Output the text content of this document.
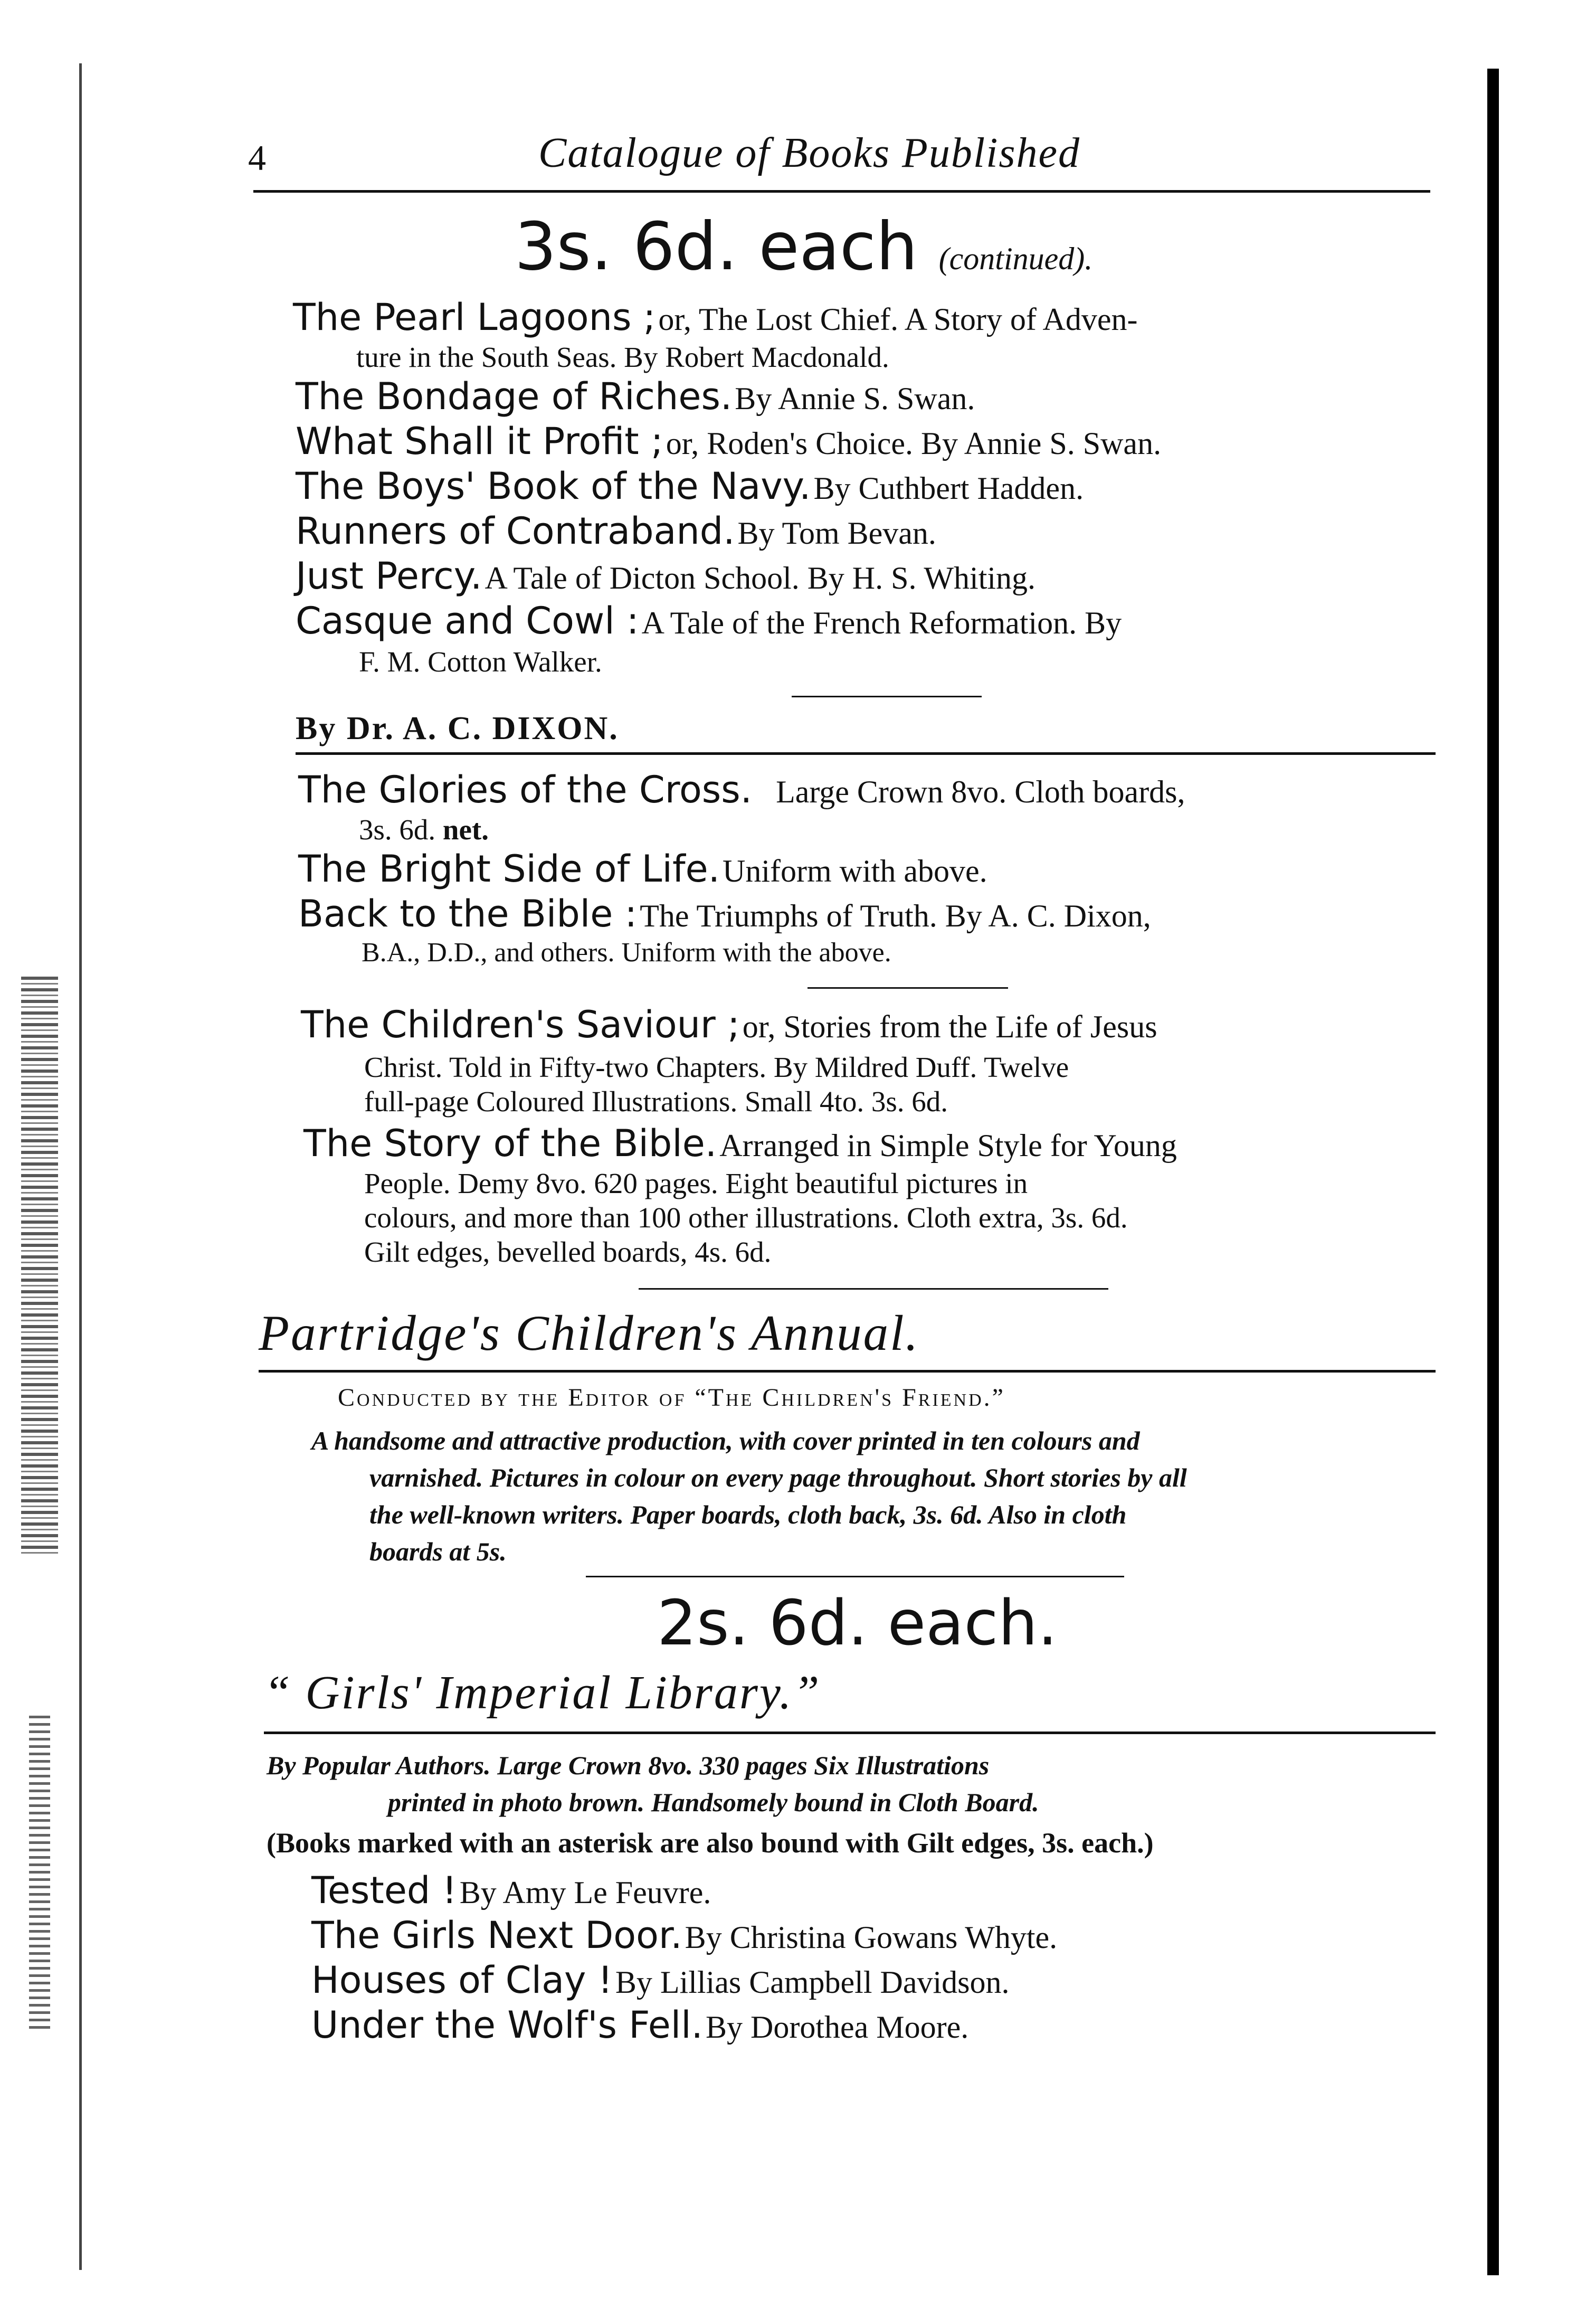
4	Catalogue of Books Published
3s. 6d. each (continued).
The Pearl Lagoons ; or, The Lost Chief. A Story of Adven-
ture in the South Seas. By Robert Macdonald.
The Bondage of Riches. By Annie S. Swan.
What Shall it Profit ; or, Roden's Choice. By Annie S. Swan.
The Boys' Book of the Navy. By Cuthbert Hadden.
Runners of Contraband. By Tom Bevan.
Just Percy. A Tale of Dicton School. By H. S. Whiting.
Casque and Cowl : A Tale of the French Reformation. By
F. M. Cotton Walker.
By Dr. A. C. DIXON.
The Glories of the Cross. Large Crown 8vo. Cloth boards,
3s. 6d. net.
The Bright Side of Life. Uniform with above.
Back to the Bible : The Triumphs of Truth. By A. C. Dixon,
B.A., D.D., and others. Uniform with the above.
The Children's Saviour ; or, Stories from the Life of Jesus
Christ. Told in Fifty-two Chapters. By Mildred Duff. Twelve
full-page Coloured Illustrations. Small 4to. 3s. 6d.
The Story of the Bible. Arranged in Simple Style for Young
People. Demy 8vo. 620 pages. Eight beautiful pictures in
colours, and more than 100 other illustrations. Cloth extra, 3s. 6d.
Gilt edges, bevelled boards, 4s. 6d.
Partridge's Children's Annual.
Conducted by the Editor of “The Children's Friend.”
A handsome and attractive production, with cover printed in ten colours and
varnished. Pictures in colour on every page throughout. Short stories by all
the well-known writers. Paper boards, cloth back, 3s. 6d. Also in cloth
boards at 5s.
2s. 6d. each.
“ Girls' Imperial Library.”
By Popular Authors. Large Crown 8vo. 330 pages Six Illustrations
printed in photo brown. Handsomely bound in Cloth Board.
(Books marked with an asterisk are also bound with Gilt edges, 3s. each.)
Tested ! By Amy Le Feuvre.
The Girls Next Door. By Christina Gowans Whyte.
Houses of Clay ! By Lillias Campbell Davidson.
Under the Wolf's Fell. By Dorothea Moore.
